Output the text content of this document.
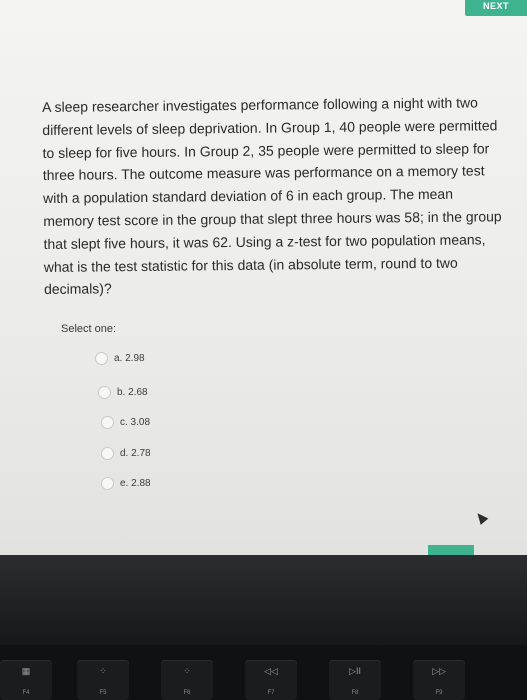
NEXT
A sleep researcher investigates performance following a night with two
different levels of sleep deprivation. In Group 1, 40 people were permitted
to sleep for five hours. In Group 2, 35 people were permitted to sleep for
three hours. The outcome measure was performance on a memory test
with a population standard deviation of 6 in each group. The mean
memory test score in the group that slept three hours was 58; in the group
that slept five hours, it was 62. Using a z-test for two population means,
what is the test statistic for this data (in absolute term, round to two
decimals)?
Select one:
a. 2.98
b. 2.68
c. 3.08
d. 2.78
e. 2.88
▦
F4
⁘
F5
⁘
F6
◁◁
F7
▷II
F8
▷▷
F9
